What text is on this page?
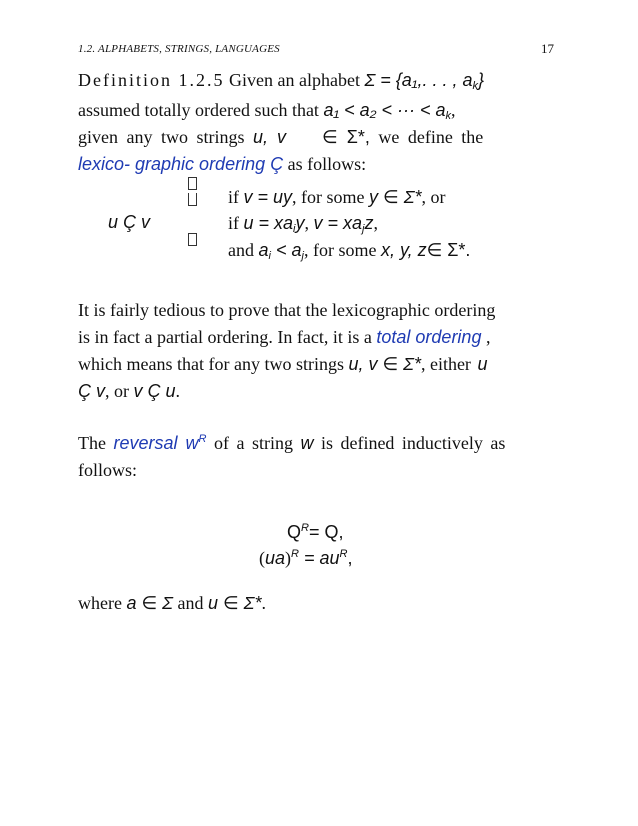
1.2. ALPHABETS, STRINGS, LANGUAGES	17
Definition 1.2.5 Given an alphabet Σ = {a₁,. . . , $a_k$}
assumed totally ordered such that a₁ < a₂ < ··· < $a_k$,
given any two strings u, v ∈ Σ*, we define the
lexico- graphic ordering Ç as follows:
u Ç v
if v = uy, for some y ∈ Σ*, or
if $u = xa_iy$, $v = xa_jz$,
and $a_i < a_j$, for some x, y, z∈ Σ*.
It is fairly tedious to prove that the lexicographic ordering
is in fact a partial ordering. In fact, it is a total ordering ,
which means that for any two strings u, v ∈ Σ*, either u
Ç v, or v Ç u.
The reversal $w^R$ of a string w is defined inductively as
follows:
$Q^R= Q$,
$(ua)^R = au^R$,
where a ∈ Σ and u ∈ Σ*.
